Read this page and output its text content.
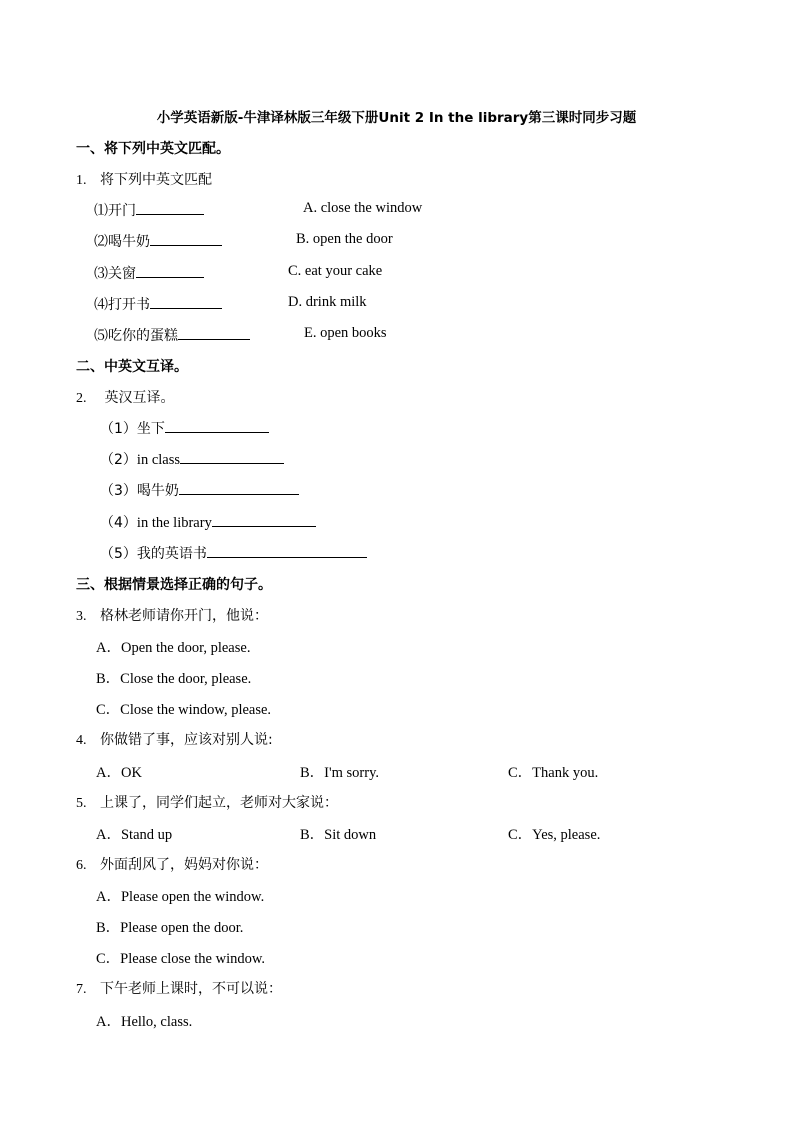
小学英语新版-牛津译林版三年级下册Unit 2 In the library第三课时同步习题
一、将下列中英文匹配。
1. 将下列中英文匹配
⑴开门
⑵喝牛奶
⑶关窗
⑷打开书
⑸吃你的蛋糕
A. close the window
B. open the door
C. eat your cake
D. drink milk
E. open books
二、中英文互译。
2. 英汉互译。
（1）坐下
（2）in class
（3）喝牛奶
（4）in the library
（5）我的英语书
三、根据情景选择正确的句子。
3. 格林老师请你开门，他说：
A．Open the door, please.
B．Close the door, please.
C．Close the window, please.
4. 你做错了事，应该对别人说:
A．OK	B．I'm sorry.	C．Thank you.
5. 上课了，同学们起立，老师对大家说：
A．Stand up	B．Sit down	C．Yes, please.
6. 外面刮风了，妈妈对你说：
A．Please open the window.
B．Please open the door.
C．Please close the window.
7. 下午老师上课时，不可以说：
A．Hello, class.
